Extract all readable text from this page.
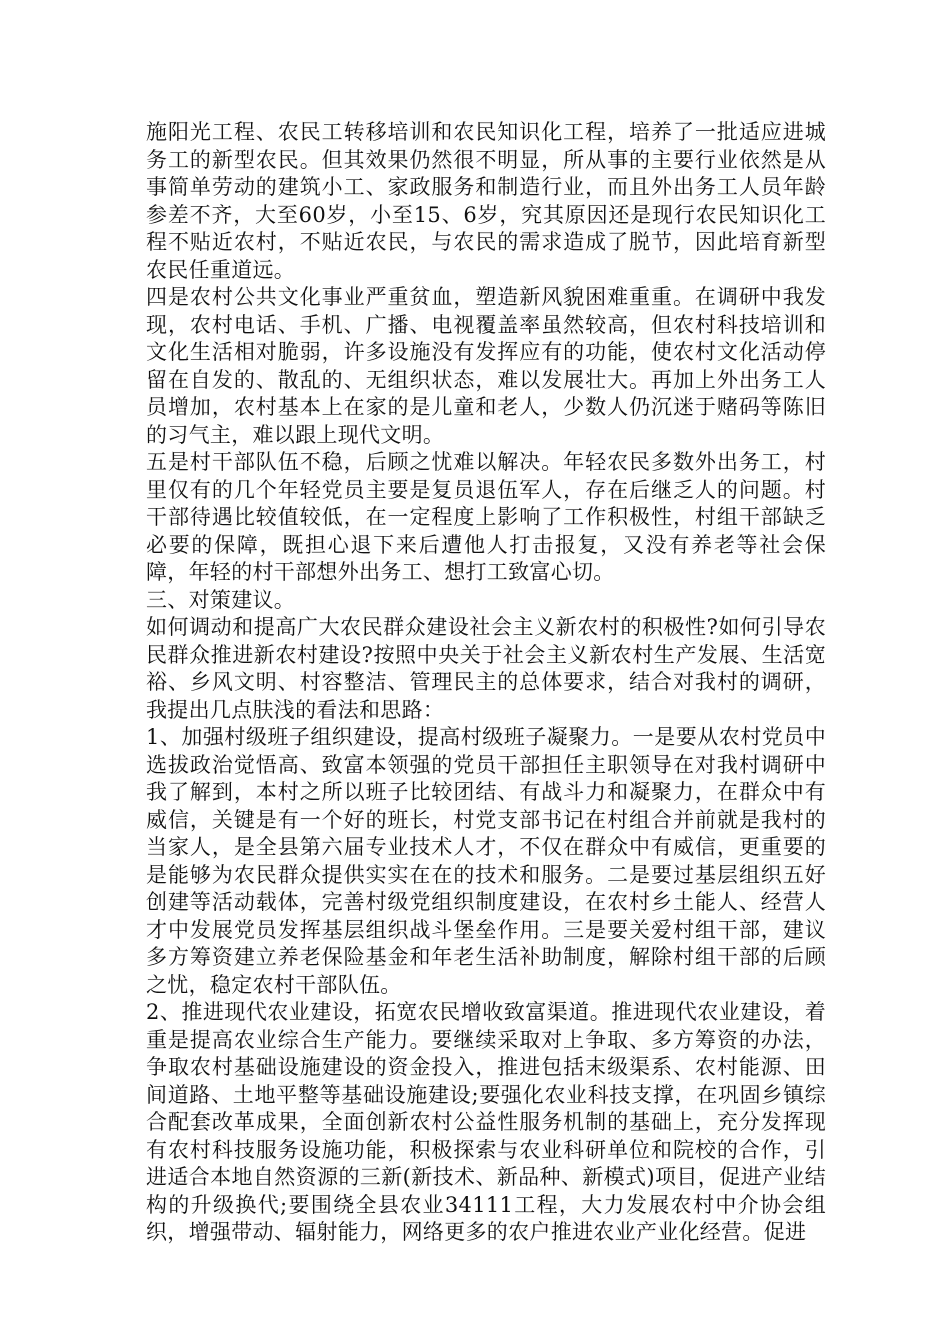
施阳光工程、农民工转移培训和农民知识化工程，培养了一批适应进城务工的新型农民。但其效果仍然很不明显，所从事的主要行业依然是从事简单劳动的建筑小工、家政服务和制造行业，而且外出务工人员年龄参差不齐，大至60岁，小至15、6岁，究其原因还是现行农民知识化工程不贴近农村，不贴近农民，与农民的需求造成了脱节，因此培育新型农民任重道远。

四是农村公共文化事业严重贫血，塑造新风貌困难重重。在调研中我发现，农村电话、手机、广播、电视覆盖率虽然较高，但农村科技培训和文化生活相对脆弱，许多设施没有发挥应有的功能，使农村文化活动停留在自发的、散乱的、无组织状态，难以发展壮大。再加上外出务工人员增加，农村基本上在家的是儿童和老人，少数人仍沉迷于赌码等陈旧的习气主，难以跟上现代文明。

五是村干部队伍不稳，后顾之忧难以解决。年轻农民多数外出务工，村里仅有的几个年轻党员主要是复员退伍军人，存在后继乏人的问题。村干部待遇比较值较低，在一定程度上影响了工作积极性，村组干部缺乏必要的保障，既担心退下来后遭他人打击报复，又没有养老等社会保障，年轻的村干部想外出务工、想打工致富心切。

三、对策建议。

如何调动和提高广大农民群众建设社会主义新农村的积极性?如何引导农民群众推进新农村建设?按照中央关于社会主义新农村生产发展、生活宽裕、乡风文明、村容整洁、管理民主的总体要求，结合对我村的调研，我提出几点肤浅的看法和思路：

1、加强村级班子组织建设，提高村级班子凝聚力。一是要从农村党员中选拔政治觉悟高、致富本领强的党员干部担任主职领导在对我村调研中我了解到，本村之所以班子比较团结、有战斗力和凝聚力，在群众中有威信，关键是有一个好的班长，村党支部书记在村组合并前就是我村的当家人，是全县第六届专业技术人才，不仅在群众中有威信，更重要的是能够为农民群众提供实实在在的技术和服务。二是要过基层组织五好创建等活动载体，完善村级党组织制度建设，在农村乡土能人、经营人才中发展党员发挥基层组织战斗堡垒作用。三是要关爱村组干部，建议多方筹资建立养老保险基金和年老生活补助制度，解除村组干部的后顾之忧，稳定农村干部队伍。

2、推进现代农业建设，拓宽农民增收致富渠道。推进现代农业建设，着重是提高农业综合生产能力。要继续采取对上争取、多方筹资的办法，争取农村基础设施建设的资金投入，推进包括末级渠系、农村能源、田间道路、土地平整等基础设施建设;要强化农业科技支撑，在巩固乡镇综合配套改革成果，全面创新农村公益性服务机制的基础上，充分发挥现有农村科技服务设施功能，积极探索与农业科研单位和院校的合作，引进适合本地自然资源的三新(新技术、新品种、新模式)项目，促进产业结构的升级换代;要围绕全县农业34111工程，大力发展农村中介协会组织，增强带动、辐射能力，网络更多的农户推进农业产业化经营。促进
